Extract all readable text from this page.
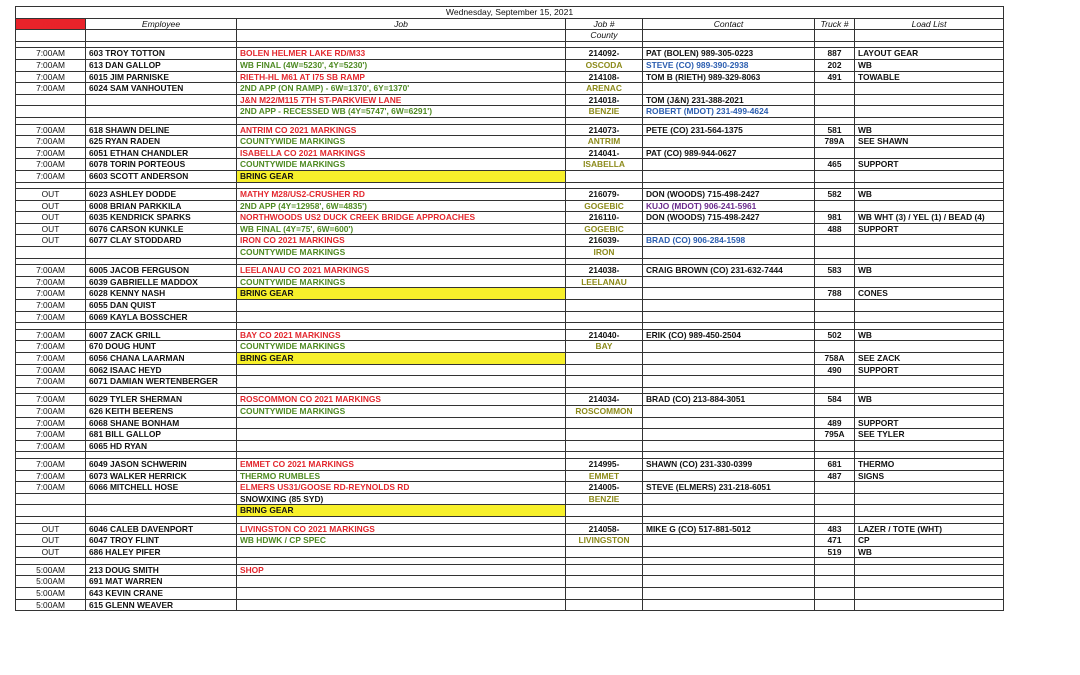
Wednesday, September 15, 2021						
Time	Employee	Job	Job #	Contact	Truck #	Load List
			County			

7:00AM	603 TROY TOTTON	BOLEN HELMER LAKE RD/M33	214092-	PAT (BOLEN) 989-305-0223	887	LAYOUT GEAR
7:00AM	613 DAN GALLOP	WB FINAL (4W=5230', 4Y=5230')	OSCODA	STEVE (CO) 989-390-2938	202	WB
7:00AM	6015 JIM PARNISKE	RIETH-HL M61 AT I75 SB RAMP	214108-	TOM B (RIETH) 989-329-8063	491	TOWABLE
7:00AM	6024 SAM VANHOUTEN	2ND APP (ON RAMP) - 6W=1370', 6Y=1370'	ARENAC			
		J&N M22/M115 7TH ST-PARKVIEW LANE	214018-	TOM (J&N) 231-388-2021		
		2ND APP - RECESSED WB (4Y=5747', 6W=6291')	BENZIE	ROBERT (MDOT) 231-499-4624		

7:00AM	618 SHAWN DELINE	ANTRIM CO 2021 MARKINGS	214073-	PETE (CO) 231-564-1375	581	WB
7:00AM	625 RYAN RADEN	COUNTYWIDE MARKINGS	ANTRIM		789A	SEE SHAWN
7:00AM	6051 ETHAN CHANDLER	ISABELLA CO 2021 MARKINGS	214041-	PAT (CO) 989-944-0627		
7:00AM	6078 TORIN PORTEOUS	COUNTYWIDE MARKINGS	ISABELLA		465	SUPPORT
7:00AM	6603 SCOTT ANDERSON	BRING GEAR				

OUT	6023 ASHLEY DODDE	MATHY M28/US2-CRUSHER RD	216079-	DON (WOODS) 715-498-2427	582	WB
OUT	6008 BRIAN PARKKILA	2ND APP (4Y=12958', 6W=4835')	GOGEBIC	KUJO (MDOT) 906-241-5961		
OUT	6035 KENDRICK SPARKS	NORTHWOODS US2 DUCK CREEK BRIDGE APPROACHES	216110-	DON (WOODS) 715-498-2427	981	WB WHT (3) / YEL (1) / BEAD (4)
OUT	6076 CARSON KUNKLE	WB FINAL (4Y=75', 6W=600')	GOGEBIC		488	SUPPORT
OUT	6077 CLAY STODDARD	IRON CO 2021 MARKINGS	216039-	BRAD (CO) 906-284-1598		
		COUNTYWIDE MARKINGS	IRON			

7:00AM	6005 JACOB FERGUSON	LEELANAU CO 2021 MARKINGS	214038-	CRAIG BROWN (CO) 231-632-7444	583	WB
7:00AM	6039 GABRIELLE MADDOX	COUNTYWIDE MARKINGS	LEELANAU			
7:00AM	6028 KENNY NASH	BRING GEAR			788	CONES
7:00AM	6055 DAN QUIST					
7:00AM	6069 KAYLA BOSSCHER					

7:00AM	6007 ZACK GRILL	BAY CO 2021 MARKINGS	214040-	ERIK (CO) 989-450-2504	502	WB
7:00AM	670 DOUG HUNT	COUNTYWIDE MARKINGS	BAY			
7:00AM	6056 CHANA LAARMAN	BRING GEAR			758A	SEE ZACK
7:00AM	6062 ISAAC HEYD				490	SUPPORT
7:00AM	6071 DAMIAN WERTENBERGER					

7:00AM	6029 TYLER SHERMAN	ROSCOMMON CO 2021 MARKINGS	214034-	BRAD (CO) 213-884-3051	584	WB
7:00AM	626 KEITH BEERENS	COUNTYWIDE MARKINGS	ROSCOMMON			
7:00AM	6068 SHANE BONHAM				489	SUPPORT
7:00AM	681 BILL GALLOP				795A	SEE TYLER
7:00AM	6065 HD RYAN					

7:00AM	6049 JASON SCHWERIN	EMMET CO 2021 MARKINGS	214995-	SHAWN (CO) 231-330-0399	681	THERMO
7:00AM	6073 WALKER HERRICK	THERMO RUMBLES	EMMET		487	SIGNS
7:00AM	6066 MITCHELL HOSE	ELMERS US31/GOOSE RD-REYNOLDS RD	214005-	STEVE (ELMERS) 231-218-6051		
		SNOWXING (85 SYD)	BENZIE			
		BRING GEAR				

OUT	6046 CALEB DAVENPORT	LIVINGSTON CO 2021 MARKINGS	214058-	MIKE G (CO) 517-881-5012	483	LAZER / TOTE (WHT)
OUT	6047 TROY FLINT	WB HDWK / CP SPEC	LIVINGSTON		471	CP
OUT	686 HALEY PIFER				519	WB

5:00AM	213 DOUG SMITH	SHOP				
5:00AM	691 MAT WARREN					
5:00AM	643 KEVIN CRANE					
5:00AM	615 GLENN WEAVER					
